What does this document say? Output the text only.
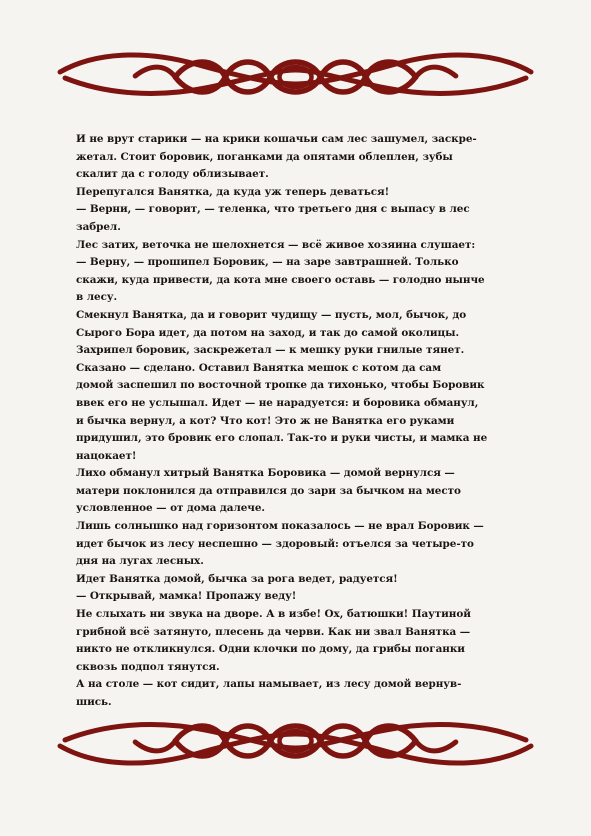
И не врут старики — на крики кошачьи сам лес зашумел, заскре-

жетал. Стоит боровик, поганками да опятами облеплен, зубы

скалит да с голоду облизывает.

Перепугался Ванятка, да куда уж теперь деваться!

— Верни, — говорит, — теленка, что третьего дня с выпасу в лес

забрел.

Лес затих, веточка не шелохнется — всё живое хозяина слушает:

— Верну, — прошипел Боровик, — на заре завтрашней. Только

скажи, куда привести, да кота мне своего оставь — голодно нынче

в лесу.

Смекнул Ванятка, да и говорит чудищу — пусть, мол, бычок, до

Сырого Бора идет, да потом на заход, и так до самой околицы.

Захрипел боровик, заскрежетал — к мешку руки гнилые тянет.

Сказано — сделано. Оставил Ванятка мешок с котом да сам

домой заспешил по восточной тропке да тихонько, чтобы Боровик

ввек его не услышал. Идет — не нарадуется: и боровика обманул,

и бычка вернул, а кот? Что кот! Это ж не Ванятка его руками

придушил, это бровик его слопал. Так-то и руки чисты, и мамка не

нацокает!

Лихо обманул хитрый Ванятка Боровика — домой вернулся —

матери поклонился да отправился до зари за бычком на место

условленное — от дома далече.

Лишь солнышко над горизонтом показалось — не врал Боровик —

идет бычок из лесу неспешно — здоровый: отъелся за четыре-то

дня на лугах лесных.

Идет Ванятка домой, бычка за рога ведет, радуется!

— Открывай, мамка! Пропажу веду!

Не слыхать ни звука на дворе. А в избе! Ох, батюшки! Паутиной

грибной всё затянуто, плесень да черви. Как ни звал Ванятка —

никто не откликнулся. Одни клочки по дому, да грибы поганки

сквозь подпол тянутся.

А на столе — кот сидит, лапы намывает, из лесу домой вернув-

шись.
